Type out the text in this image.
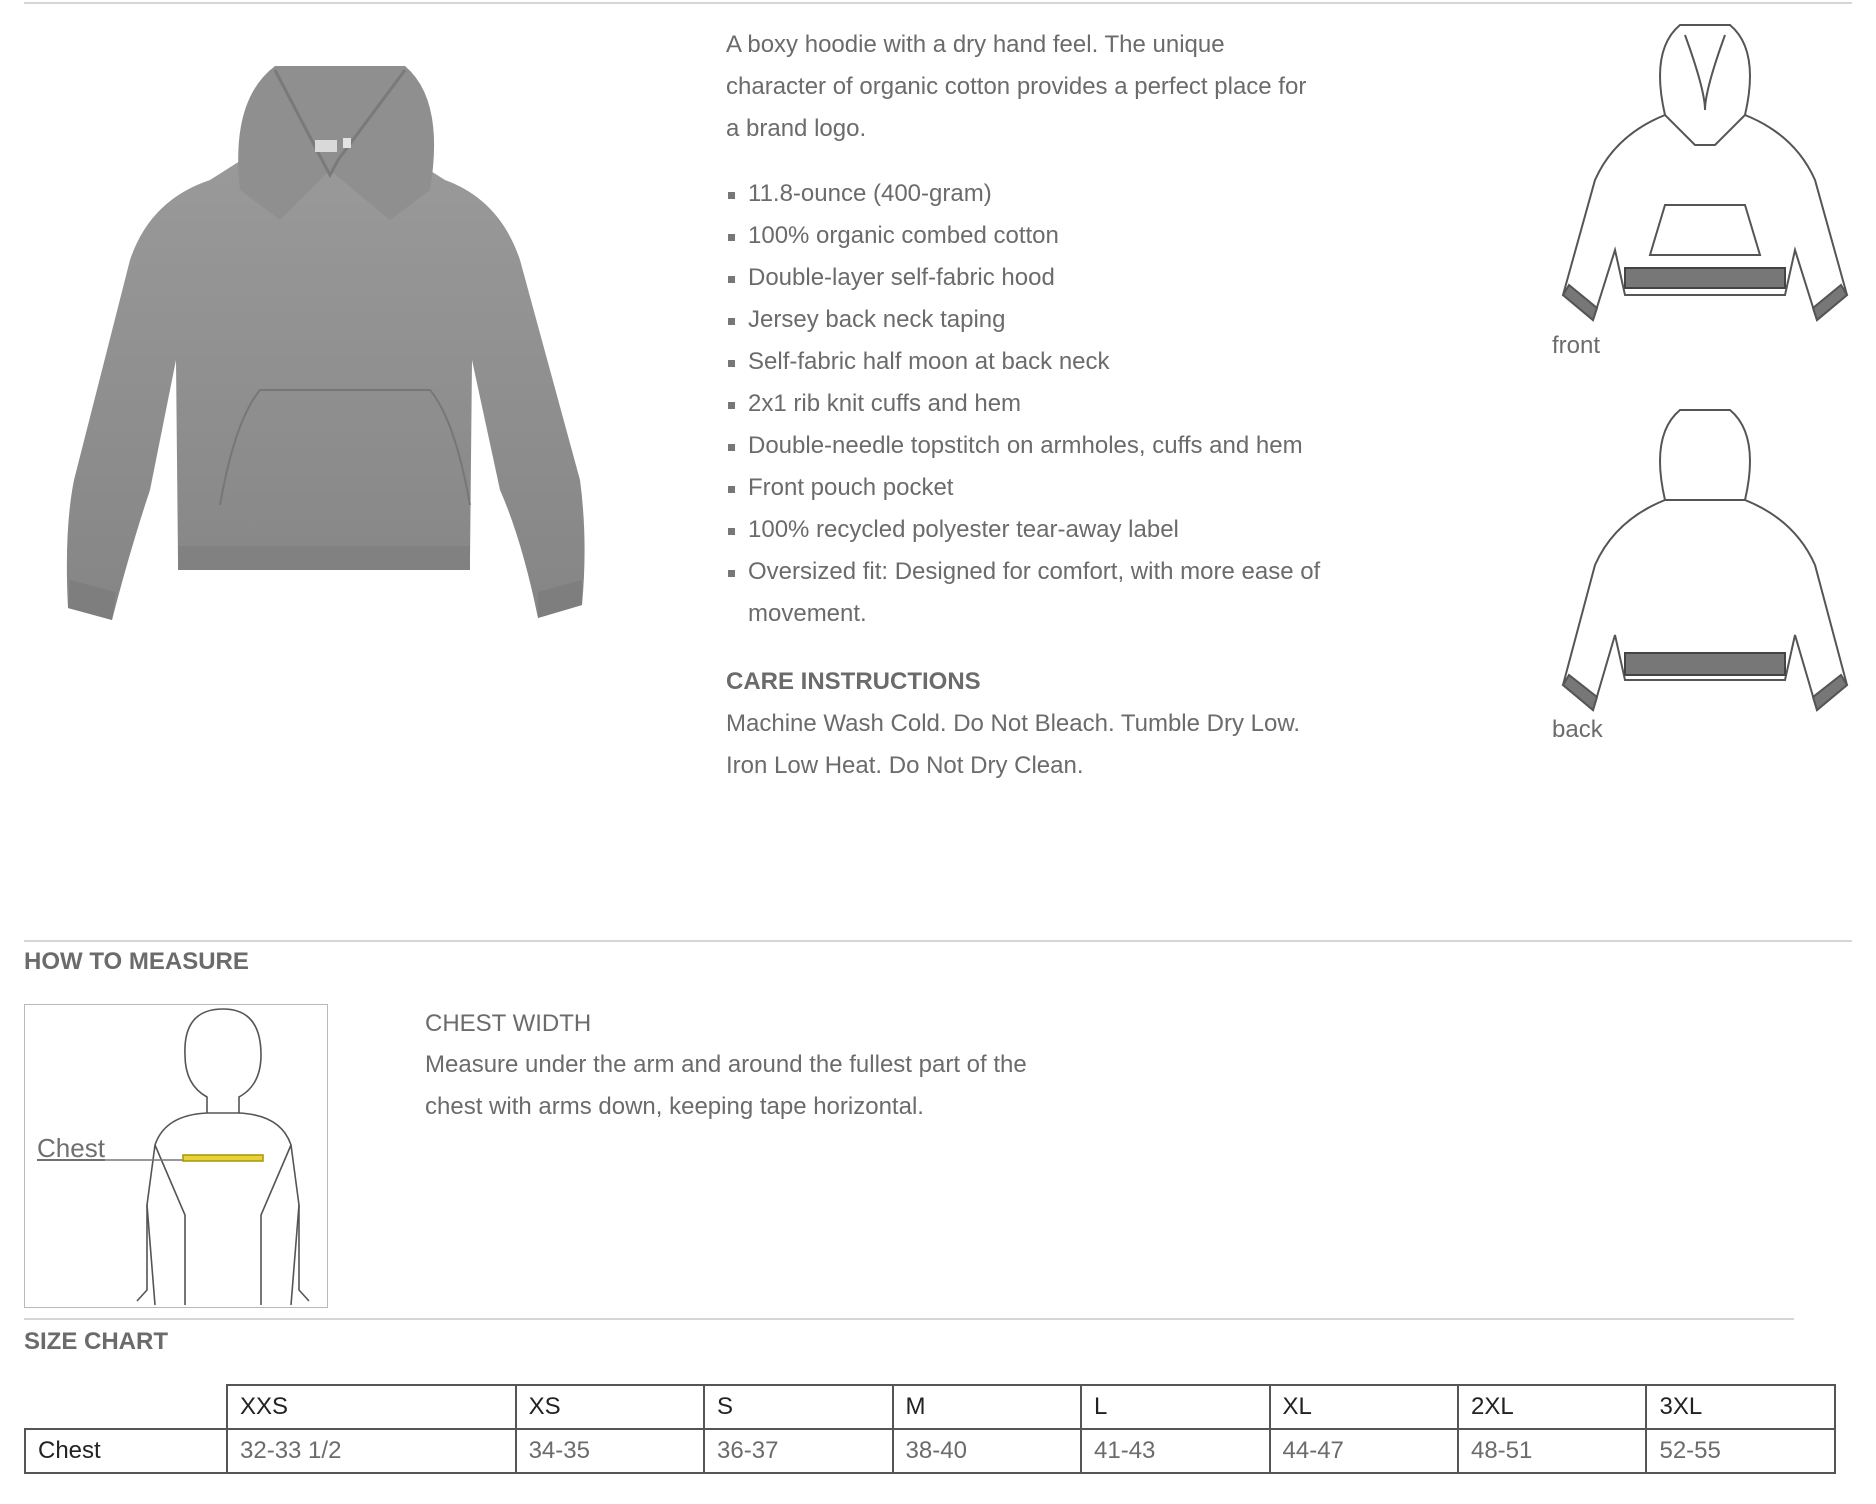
A boxy hoodie with a dry hand feel. The unique character of organic cotton provides a perfect place for a brand logo.
11.8-ounce (400-gram)
100% organic combed cotton
Double-layer self-fabric hood
Jersey back neck taping
Self-fabric half moon at back neck
2x1 rib knit cuffs and hem
Double-needle topstitch on armholes, cuffs and hem
Front pouch pocket
100% recycled polyester tear-away label
Oversized fit: Designed for comfort, with more ease of movement.
CARE INSTRUCTIONS
Machine Wash Cold. Do Not Bleach. Tumble Dry Low. Iron Low Heat. Do Not Dry Clean.
front
back
HOW TO MEASURE
Chest
CHEST WIDTH
Measure under the arm and around the fullest part of the chest with arms down, keeping tape horizontal.
SIZE CHART
	XXS	XS	S	M	L	XL	2XL	3XL
Chest	32-33 1/2	34-35	36-37	38-40	41-43	44-47	48-51	52-55
